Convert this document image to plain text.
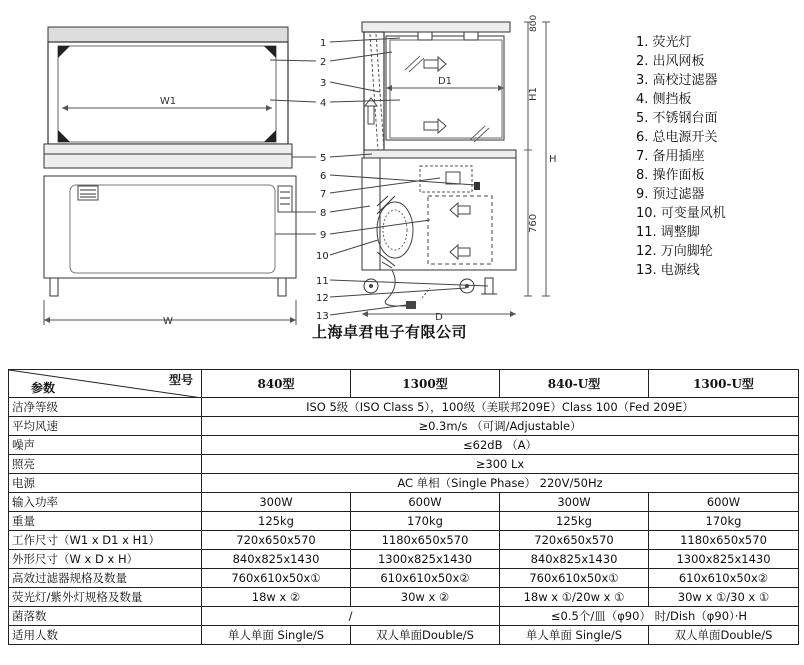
W1
W
D1
D
800
H1
760
H
1
2
3
4
5
6
7
8
9
10
11
12
13
1. 荧光灯
2. 出风网板
3. 高校过滤器
4. 侧挡板
5. 不锈钢台面
6. 总电源开关
7. 备用插座
8. 操作面板
9. 预过滤器
10. 可变量风机
11. 调整脚
12. 万向脚轮
13. 电源线
上海卓君电子有限公司
型号
参数	840型	1300型	840-U型	1300-U型
洁净等级	ISO 5级（ISO Class 5），100级（美联邦209E）Class 100（Fed 209E）			
平均风速	≥0.3m/s （可调/Adjustable）			
噪声	≤62dB （A）			
照亮	≥300 Lx			
电源	AC 单相（Single Phase） 220V/50Hz			
输入功率	300W	600W	300W	600W
重量	125kg	170kg	125kg	170kg
工作尺寸（W1 x D1 x H1）	720x650x570	1180x650x570	720x650x570	1180x650x570
外形尺寸（W x D x H）	840x825x1430	1300x825x1430	840x825x1430	1300x825x1430
高效过滤器规格及数量	760x610x50x①	610x610x50x②	760x610x50x①	610x610x50x②
荧光灯/紫外灯规格及数量	18w x ②	30w x ②	18w x ①/20w x ①	30w x ①/30 x ①
菌落数	/		≤0.5个/皿（φ90） 时/Dish（φ90）·H	
适用人数	单人单面 Single/S	双人单面Double/S	单人单面 Single/S	双人单面Double/S
